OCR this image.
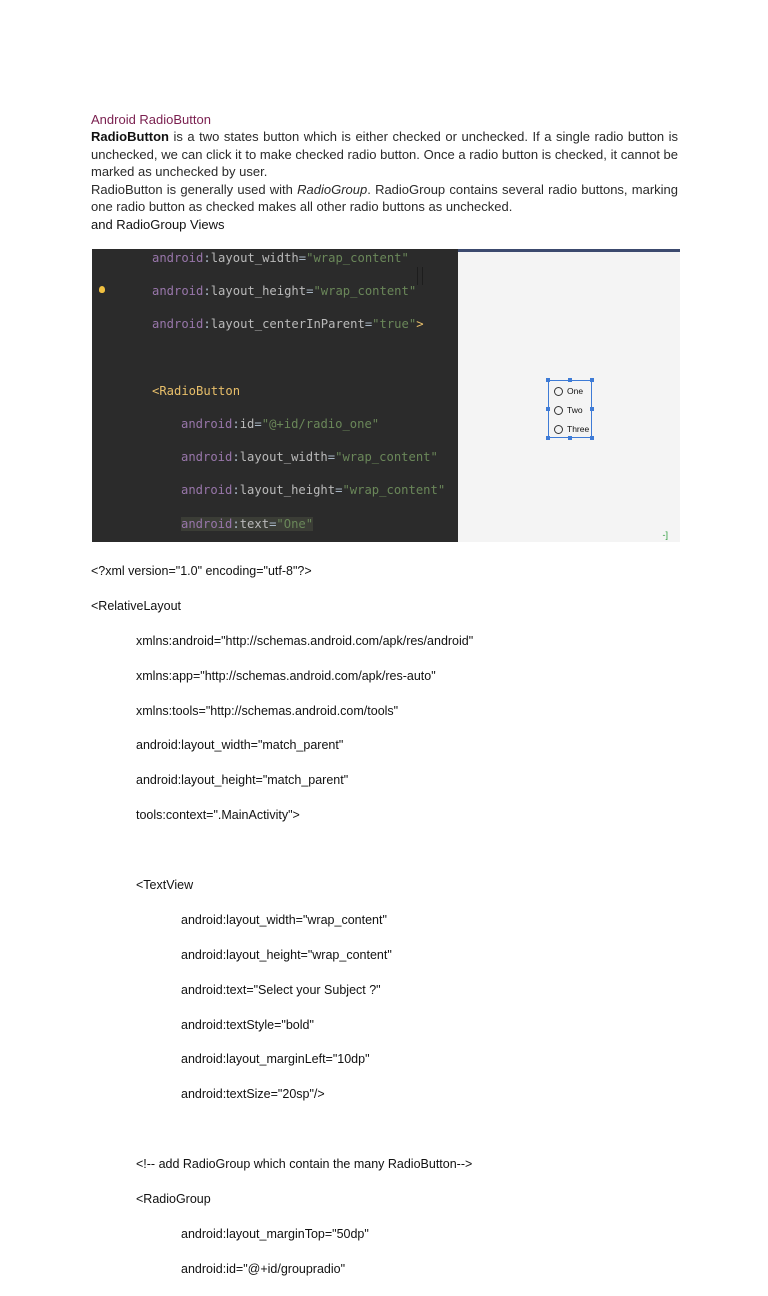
Android RadioButton

RadioButton is a two states button which is either checked or unchecked. If a single radio button is unchecked, we can click it to make checked radio button. Once a radio button is checked, it cannot be marked as unchecked by user.

RadioButton is generally used with RadioGroup. RadioGroup contains several radio buttons, marking one radio button as checked makes all other radio buttons as unchecked.

and RadioGroup Views

android:layout_width="wrap_content"

android:layout_height="wrap_content"

android:layout_centerInParent="true">

<RadioButton

android:id="@+id/radio_one"

android:layout_width="wrap_content"

android:layout_height="wrap_content"

android:text="One"

-]
One
Two
Three
<?xml version="1.0" encoding="utf-8"?>

<RelativeLayout

xmlns:android="http://schemas.android.com/apk/res/android"

xmlns:app="http://schemas.android.com/apk/res-auto"

xmlns:tools="http://schemas.android.com/tools"

android:layout_width="match_parent"

android:layout_height="match_parent"

tools:context=".MainActivity">

<TextView

android:layout_width="wrap_content"

android:layout_height="wrap_content"

android:text="Select your Subject ?"

android:textStyle="bold"

android:layout_marginLeft="10dp"

android:textSize="20sp"/>

<!-- add RadioGroup which contain the many RadioButton-->

<RadioGroup

android:layout_marginTop="50dp"

android:id="@+id/groupradio"
